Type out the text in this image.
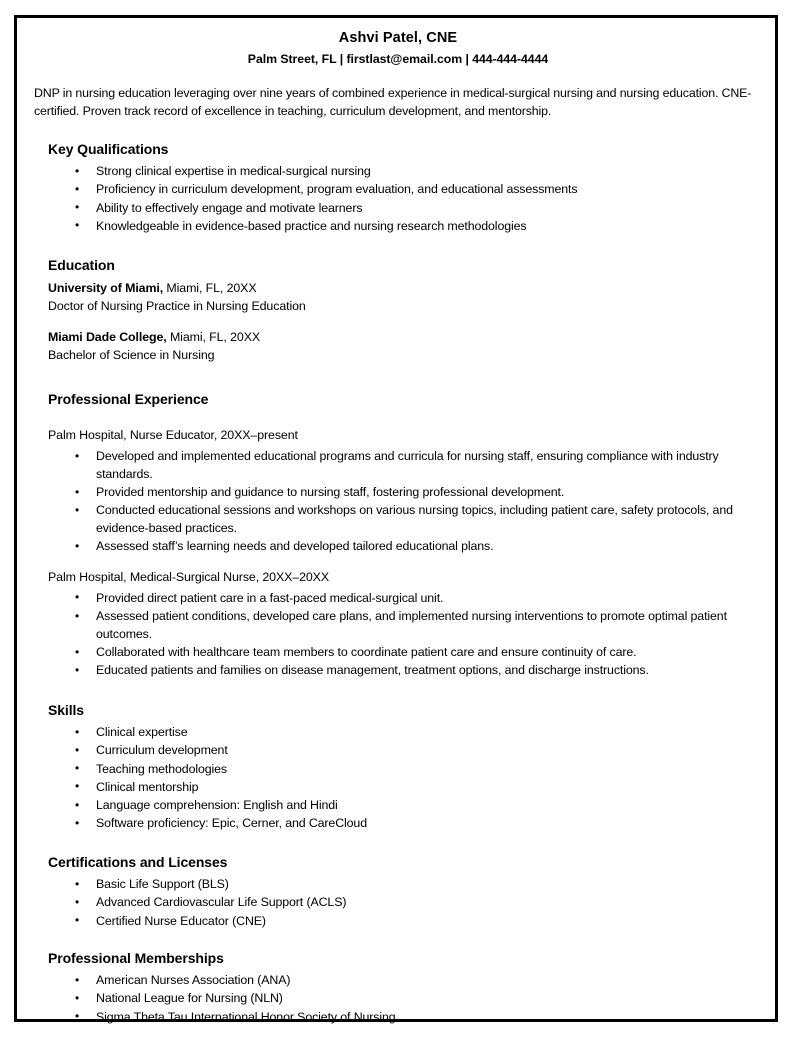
Ashvi Patel, CNE
Palm Street, FL | firstlast@email.com | 444-444-4444

DNP in nursing education leveraging over nine years of combined experience in medical-surgical nursing and nursing education. CNE-certified. Proven track record of excellence in teaching, curriculum development, and mentorship.

Key Qualifications
• Strong clinical expertise in medical-surgical nursing
• Proficiency in curriculum development, program evaluation, and educational assessments
• Ability to effectively engage and motivate learners
• Knowledgeable in evidence-based practice and nursing research methodologies
Education
University of Miami, Miami, FL, 20XX
Doctor of Nursing Practice in Nursing Education
Miami Dade College, Miami, FL, 20XX
Bachelor of Science in Nursing
Professional Experience
Palm Hospital, Nurse Educator, 20XX–present
• Developed and implemented educational programs and curricula for nursing staff, ensuring compliance with industry standards.
• Provided mentorship and guidance to nursing staff, fostering professional development.
• Conducted educational sessions and workshops on various nursing topics, including patient care, safety protocols, and evidence-based practices.
• Assessed staff’s learning needs and developed tailored educational plans.
Palm Hospital, Medical-Surgical Nurse, 20XX–20XX
• Provided direct patient care in a fast-paced medical-surgical unit.
• Assessed patient conditions, developed care plans, and implemented nursing interventions to promote optimal patient outcomes.
• Collaborated with healthcare team members to coordinate patient care and ensure continuity of care.
• Educated patients and families on disease management, treatment options, and discharge instructions.
Skills
• Clinical expertise
• Curriculum development
• Teaching methodologies
• Clinical mentorship
• Language comprehension: English and Hindi
• Software proficiency: Epic, Cerner, and CareCloud
Certifications and Licenses
• Basic Life Support (BLS)
• Advanced Cardiovascular Life Support (ACLS)
• Certified Nurse Educator (CNE)
Professional Memberships
• American Nurses Association (ANA)
• National League for Nursing (NLN)
• Sigma Theta Tau International Honor Society of Nursing
